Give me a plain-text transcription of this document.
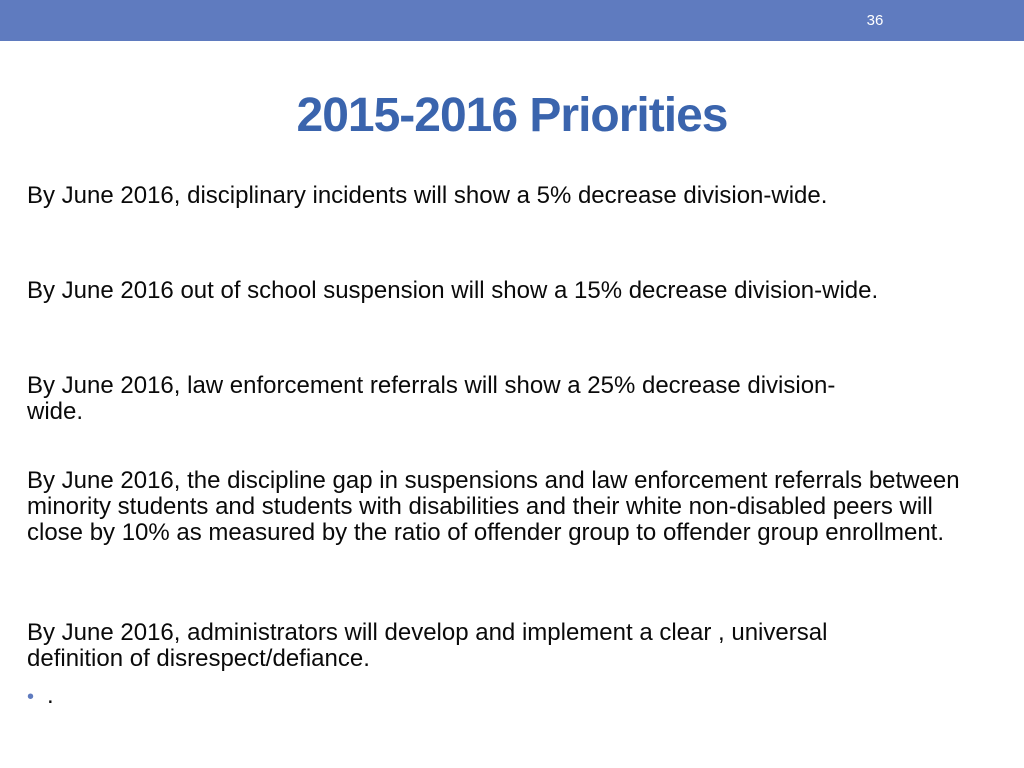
36
2015-2016 Priorities

By June 2016, disciplinary incidents will show a 5% decrease division-wide.

By June 2016 out of school suspension will show a 15% decrease division-wide.

By June 2016, law enforcement referrals will show a 25% decrease division-wide.

By June 2016, the discipline gap in suspensions and law enforcement referrals between minority students and students with disabilities and their white non-disabled peers will close by 10% as measured by the ratio of offender group to offender group enrollment.

By June 2016, administrators will develop and implement a clear , universal definition of disrespect/defiance.

• .
